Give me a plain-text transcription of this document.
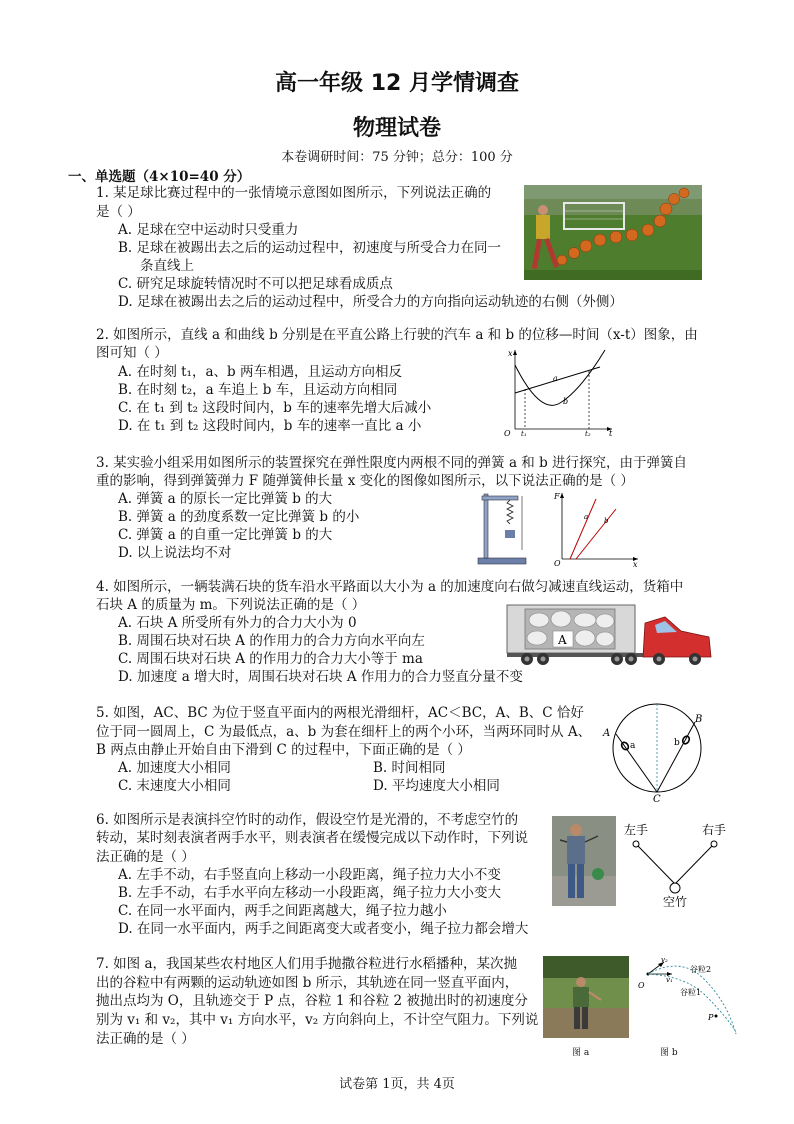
高一年级 12 月学情调查
物理试卷
本卷调研时间：75 分钟；总分：100 分
一、单选题（4×10=40 分）
1. 某足球比赛过程中的一张情境示意图如图所示，下列说法正确的
是（ ）
A. 足球在空中运动时只受重力
B. 足球在被踢出去之后的运动过程中，初速度与所受合力在同一
条直线上
C. 研究足球旋转情况时不可以把足球看成质点
D. 足球在被踢出去之后的运动过程中，所受合力的方向指向运动轨迹的右侧（外侧）
2. 如图所示，直线 a 和曲线 b 分别是在平直公路上行驶的汽车 a 和 b 的位移—时间（x-t）图象，由
图可知（ ）
A. 在时刻 t₁，a、b 两车相遇，且运动方向相反
B. 在时刻 t₂，a 车追上 b 车，且运动方向相同
C. 在 t₁ 到 t₂ 这段时间内，b 车的速率先增大后减小
D. 在 t₁ 到 t₂ 这段时间内，b 车的速率一直比 a 小
x
t
O t₁	t₂
a
b
3. 某实验小组采用如图所示的装置探究在弹性限度内两根不同的弹簧 a 和 b 进行探究，由于弹簧自
重的影响，得到弹簧弹力 F 随弹簧伸长量 x 变化的图像如图所示，以下说法正确的是（ ）
A. 弹簧 a 的原长一定比弹簧 b 的大
B. 弹簧 a 的劲度系数一定比弹簧 b 的小
C. 弹簧 a 的自重一定比弹簧 b 的大
D. 以上说法均不对
F
x
O
a b
4. 如图所示，一辆装满石块的货车沿水平路面以大小为 a 的加速度向右做匀减速直线运动，货箱中
石块 A 的质量为 m。下列说法正确的是（ ）
A. 石块 A 所受所有外力的合力大小为 0
B. 周围石块对石块 A 的作用力的合力方向水平向左
C. 周围石块对石块 A 的作用力的合力大小等于 ma
D. 加速度 a 增大时，周围石块对石块 A 作用力的合力竖直分量不变
A
5. 如图，AC、BC 为位于竖直平面内的两根光滑细杆，AC＜BC，A、B、C 恰好
位于同一圆周上，C 为最低点，a、b 为套在细杆上的两个小环，当两环同时从 A、
B 两点由静止开始自由下滑到 C 的过程中，下面正确的是（ ）
A. 加速度大小相同	B. 时间相同
C. 末速度大小相同	D. 平均速度大小相同
A
B
C
a	b
6. 如图所示是表演抖空竹时的动作，假设空竹是光滑的，不考虑空竹的
转动，某时刻表演者两手水平，则表演者在缓慢完成以下动作时，下列说
法正确的是（ ）
A. 左手不动，右手竖直向上移动一小段距离，绳子拉力大小不变
B. 左手不动，右手水平向左移动一小段距离，绳子拉力大小变大
C. 在同一水平面内，两手之间距离越大，绳子拉力越小
D. 在同一水平面内，两手之间距离变大或者变小，绳子拉力都会增大
左手	右手
空竹
7. 如图 a，我国某些农村地区人们用手抛撒谷粒进行水稻播种，某次抛
出的谷粒中有两颗的运动轨迹如图 b 所示，其轨迹在同一竖直平面内，
抛出点均为 O，且轨迹交于 P 点，谷粒 1 和谷粒 2 被抛出时的初速度分
别为 v₁ 和 v₂，其中 v₁ 方向水平，v₂ 方向斜向上，不计空气阻力。下列说
法正确的是（ ）
图 a
O
v₂
v₁
谷粒2
谷粒1
P
图 b
试卷第 1页，共 4页
